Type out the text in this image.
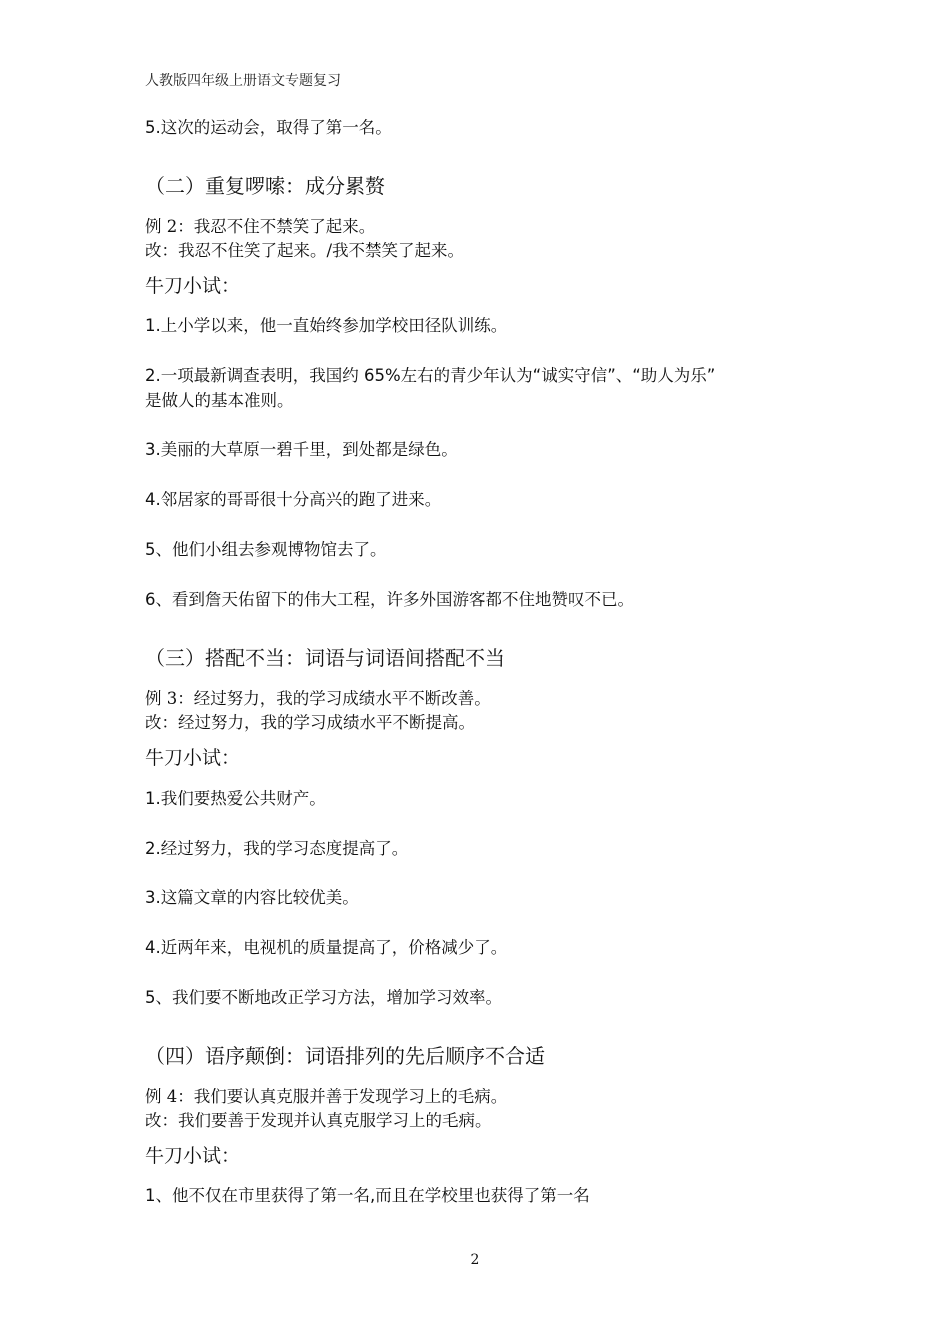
人教版四年级上册语文专题复习
5.这次的运动会，取得了第一名。
（二）重复啰嗦：成分累赘
例 2：我忍不住不禁笑了起来。
改：我忍不住笑了起来。/我不禁笑了起来。
牛刀小试：
1.上小学以来，他一直始终参加学校田径队训练。
2.一项最新调查表明，我国约 65%左右的青少年认为“诚实守信”、“助人为乐”
是做人的基本准则。
3.美丽的大草原一碧千里，到处都是绿色。
4.邻居家的哥哥很十分高兴的跑了进来。
5、他们小组去参观博物馆去了。
6、看到詹天佑留下的伟大工程，许多外国游客都不住地赞叹不已。
（三）搭配不当：词语与词语间搭配不当
例 3：经过努力，我的学习成绩水平不断改善。
改：经过努力，我的学习成绩水平不断提高。
牛刀小试：
1.我们要热爱公共财产。
2.经过努力，我的学习态度提高了。
3.这篇文章的内容比较优美。
4.近两年来，电视机的质量提高了，价格减少了。
5、我们要不断地改正学习方法，增加学习效率。
（四）语序颠倒：词语排列的先后顺序不合适
例 4：我们要认真克服并善于发现学习上的毛病。
改：我们要善于发现并认真克服学习上的毛病。
牛刀小试：
1、他不仅在市里获得了第一名,而且在学校里也获得了第一名
2
